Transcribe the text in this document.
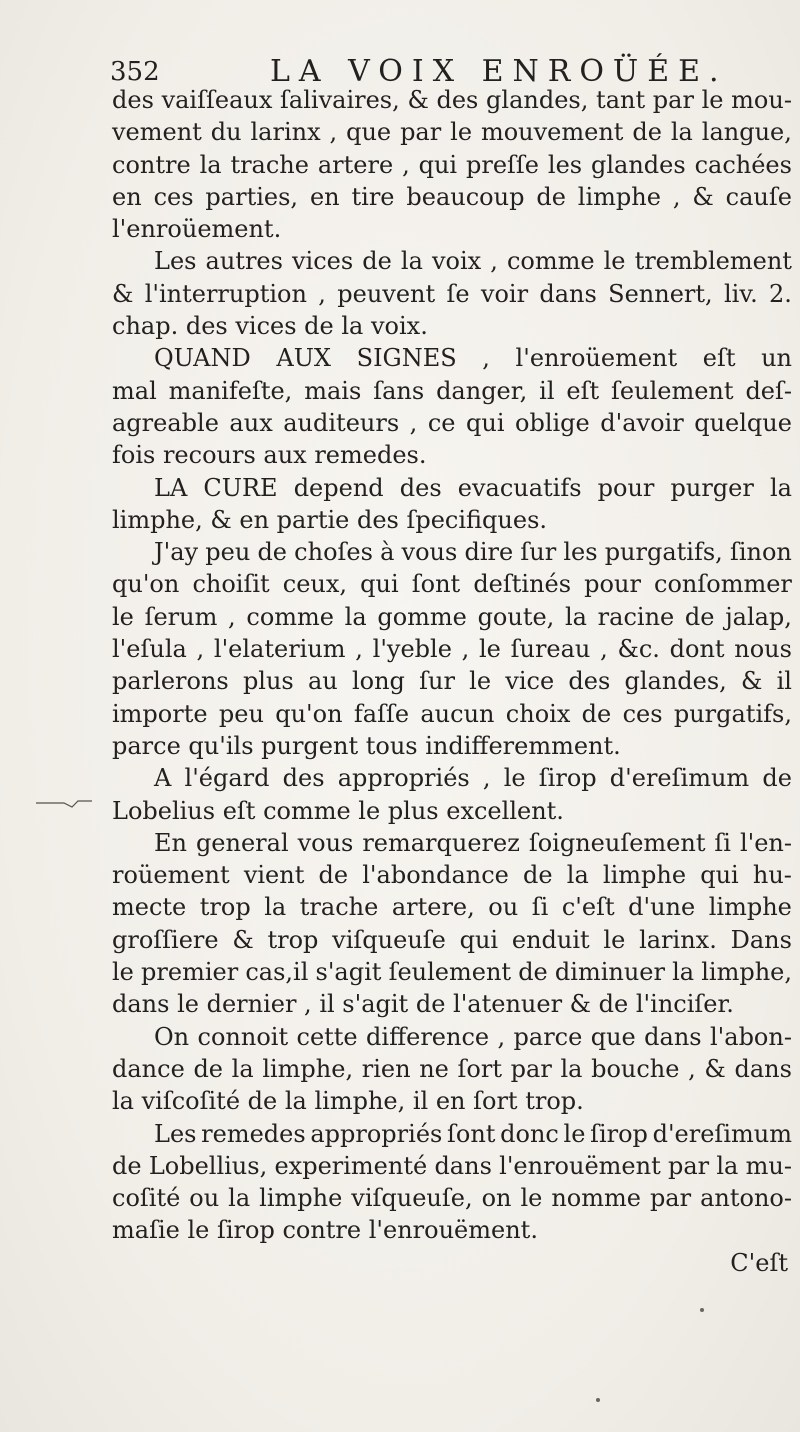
352	LA VOIX ENROÜÉE.
des vaiſſeaux ſalivaires, & des glandes, tant par le mou-
vement du larinx , que par le mouvement de la langue,
contre la trache artere , qui preſſe les glandes cachées
en ces parties, en tire beaucoup de limphe , & cauſe
l'enroüement.
Les autres vices de la voix , comme le tremblement
& l'interruption , peuvent ſe voir dans Sennert, liv. 2.
chap. des vices de la voix.
QUAND AUX SIGNES , l'enroüement eſt un
mal manifeſte, mais ſans danger, il eſt ſeulement deſ-
agreable aux auditeurs , ce qui oblige d'avoir quelque
fois recours aux remedes.
LA CURE depend des evacuatifs pour purger la
limphe, & en partie des ſpecifiques.
J'ay peu de choſes à vous dire ſur les purgatifs, ſinon
qu'on choiſit ceux, qui ſont deſtinés pour conſommer
le ſerum , comme la gomme goute, la racine de jalap,
l'eſula , l'elaterium , l'yeble , le ſureau , &c. dont nous
parlerons plus au long ſur le vice des glandes, & il
importe peu qu'on faſſe aucun choix de ces purgatifs,
parce qu'ils purgent tous indifferemment.
A l'égard des appropriés , le ſirop d'ereſimum de
Lobelius eſt comme le plus excellent.
En general vous remarquerez ſoigneuſement ſi l'en-
roüement vient de l'abondance de la limphe qui hu-
mecte trop la trache artere, ou ſi c'eſt d'une limphe
groſſiere & trop viſqueuſe qui enduit le larinx. Dans
le premier cas,il s'agit ſeulement de diminuer la limphe,
dans le dernier , il s'agit de l'atenuer & de l'inciſer.
On connoit cette difference , parce que dans l'abon-
dance de la limphe, rien ne ſort par la bouche , & dans
la viſcoſité de la limphe, il en ſort trop.
Les remedes appropriés ſont donc le ſirop d'ereſimum
de Lobellius, experimenté dans l'enrouëment par la mu-
coſité ou la limphe viſqueuſe, on le nomme par antono-
maſie le ſirop contre l'enrouëment.
C'eſt
